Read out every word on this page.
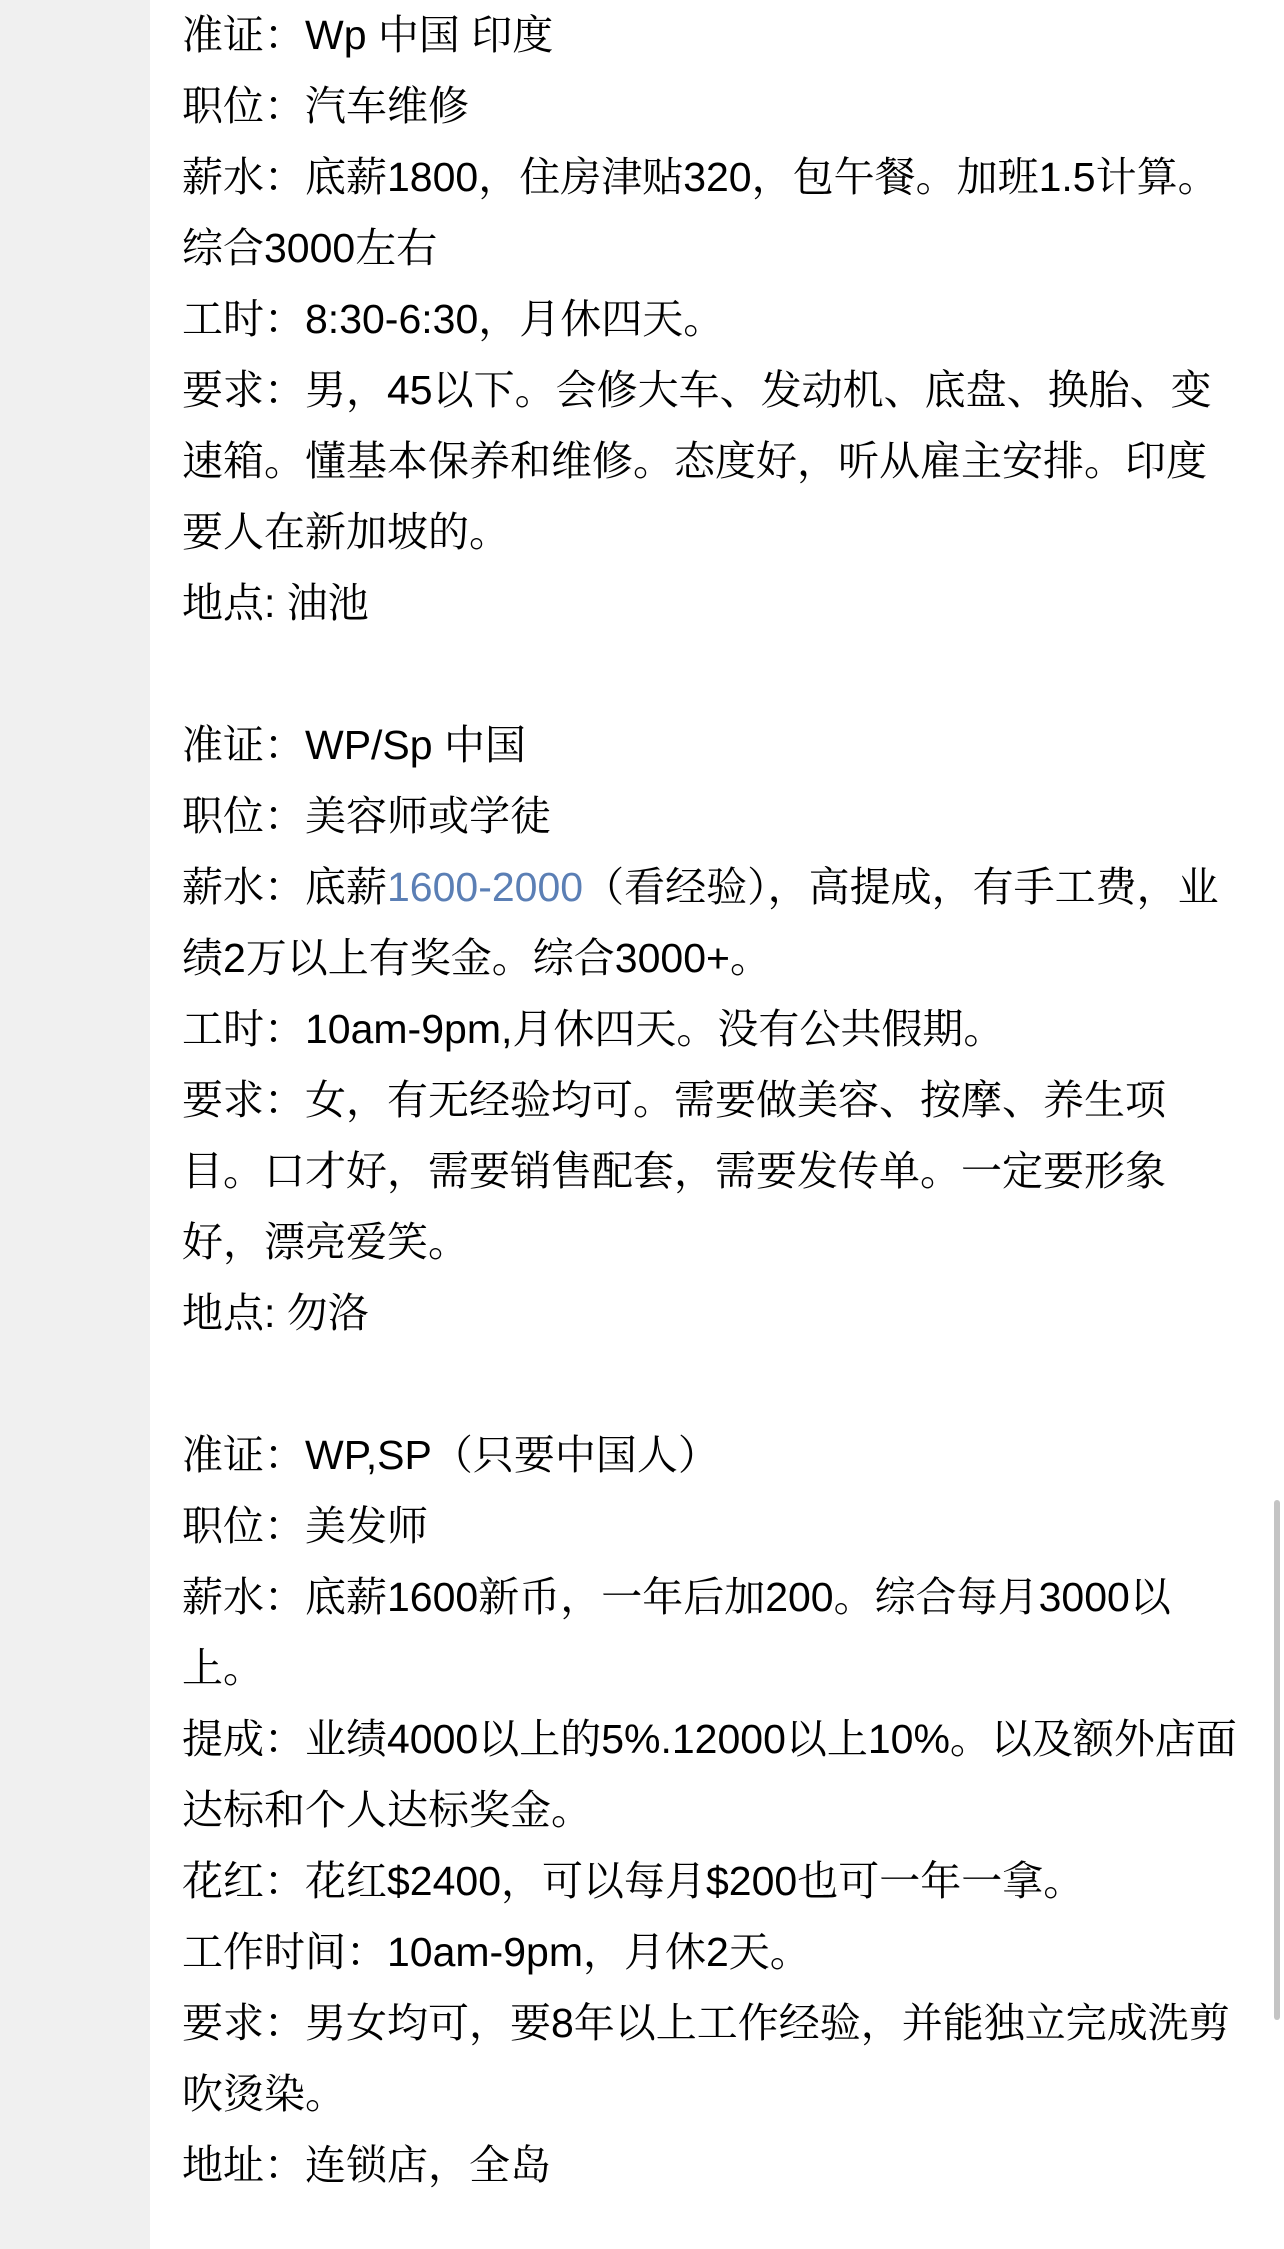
准证：Wp 中国 印度
职位：汽车维修
薪水：底薪1800，住房津贴320，包午餐。加班1.5计算。综合3000左右
工时：8:30-6:30，月休四天。
要求：男，45以下。会修大车、发动机、底盘、换胎、变速箱。懂基本保养和维修。态度好，听从雇主安排。印度要人在新加坡的。
地点: 油池
准证：WP/Sp 中国
职位：美容师或学徒
薪水：底薪1600-2000（看经验），高提成，有手工费，业绩2万以上有奖金。综合3000+。
工时：10am-9pm,月休四天。没有公共假期。
要求：女，有无经验均可。需要做美容、按摩、养生项目。口才好，需要销售配套，需要发传单。一定要形象好，漂亮爱笑。
地点: 勿洛
准证：WP,SP（只要中国人）
职位：美发师
薪水：底薪1600新币，一年后加200。综合每月3000以上。
提成：业绩4000以上的5%.12000以上10%。以及额外店面达标和个人达标奖金。
花红：花红$2400，可以每月$200也可一年一拿。
工作时间：10am-9pm，月休2天。
要求：男女均可，要8年以上工作经验，并能独立完成洗剪吹烫染。
地址：连锁店，全岛
